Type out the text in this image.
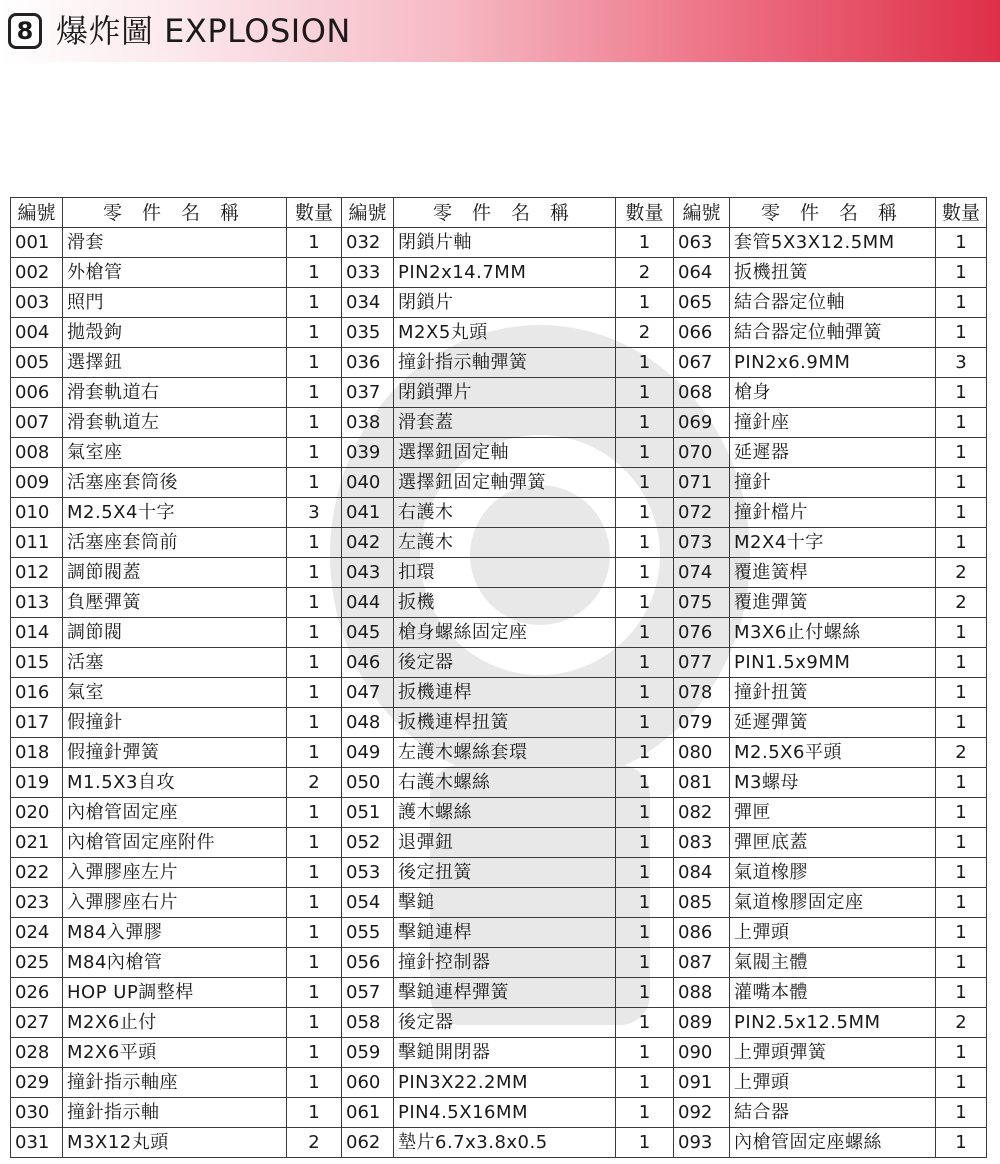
8 爆炸圖 EXPLOSION
編號	零 件 名 稱	數量	編號	零 件 名 稱	數量	編號	零 件 名 稱	數量
001	滑套	1	032	閉鎖片軸	1	063	套管5X3X12.5MM	1
002	外槍管	1	033	PIN2x14.7MM	2	064	扳機扭簧	1
003	照門	1	034	閉鎖片	1	065	結合器定位軸	1
004	拋殼鉤	1	035	M2X5丸頭	2	066	結合器定位軸彈簧	1
005	選擇鈕	1	036	撞針指示軸彈簧	1	067	PIN2x6.9MM	3
006	滑套軌道右	1	037	閉鎖彈片	1	068	槍身	1
007	滑套軌道左	1	038	滑套蓋	1	069	撞針座	1
008	氣室座	1	039	選擇鈕固定軸	1	070	延遲器	1
009	活塞座套筒後	1	040	選擇鈕固定軸彈簧	1	071	撞針	1
010	M2.5X4十字	3	041	右護木	1	072	撞針檔片	1
011	活塞座套筒前	1	042	左護木	1	073	M2X4十字	1
012	調節閥蓋	1	043	扣環	1	074	覆進簧桿	2
013	負壓彈簧	1	044	扳機	1	075	覆進彈簧	2
014	調節閥	1	045	槍身螺絲固定座	1	076	M3X6止付螺絲	1
015	活塞	1	046	後定器	1	077	PIN1.5x9MM	1
016	氣室	1	047	扳機連桿	1	078	撞針扭簧	1
017	假撞針	1	048	扳機連桿扭簧	1	079	延遲彈簧	1
018	假撞針彈簧	1	049	左護木螺絲套環	1	080	M2.5X6平頭	2
019	M1.5X3自攻	2	050	右護木螺絲	1	081	M3螺母	1
020	內槍管固定座	1	051	護木螺絲	1	082	彈匣	1
021	內槍管固定座附件	1	052	退彈鈕	1	083	彈匣底蓋	1
022	入彈膠座左片	1	053	後定扭簧	1	084	氣道橡膠	1
023	入彈膠座右片	1	054	擊鎚	1	085	氣道橡膠固定座	1
024	M84入彈膠	1	055	擊鎚連桿	1	086	上彈頭	1
025	M84內槍管	1	056	撞針控制器	1	087	氣閥主體	1
026	HOP UP調整桿	1	057	擊鎚連桿彈簧	1	088	灌嘴本體	1
027	M2X6止付	1	058	後定器	1	089	PIN2.5x12.5MM	2
028	M2X6平頭	1	059	擊鎚開閉器	1	090	上彈頭彈簧	1
029	撞針指示軸座	1	060	PIN3X22.2MM	1	091	上彈頭	1
030	撞針指示軸	1	061	PIN4.5X16MM	1	092	結合器	1
031	M3X12丸頭	2	062	墊片6.7x3.8x0.5	1	093	內槍管固定座螺絲	1
